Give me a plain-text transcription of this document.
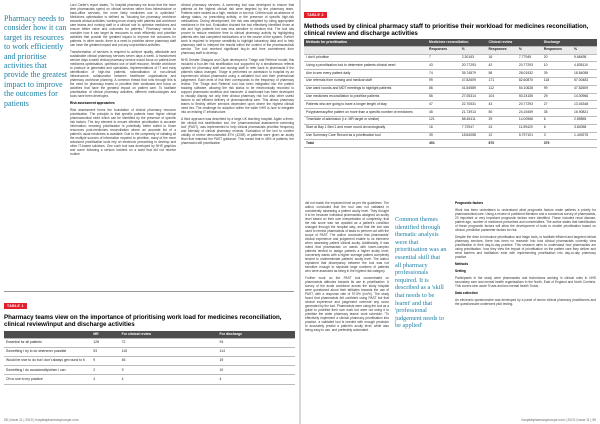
Pharmacy needs to consider how it can target its resources to work efficiently and prioritise activities that provide the greatest impact to improve the outcomes for patients

Lord Carter's report states, "In hospital pharmacy we know that the more time pharmacists spend on clinical services rather than infrastructure or back-office services, the more likely medicines use is optimised." Medicines optimisation is defined as "focusing the pharmacy workforce towards clinical activities; working more closely with patients and workforce care teams and nursing staff in a clinical role to optimise medicines and ensure better value and outcomes for patients." Pharmacy needs to consider how it can target its resources to work efficiently and prioritise activities that provide the greatest impact to improve the outcomes for patients. In other words, there is a need to prioritise where pharmacy staff can have the greatest impact and put any unprioritised activities.

Transformation of services is required to achieve quality, affordable and sustainable clinical pharmacy services seven days a week. A transformed service days a week clinical pharmacy service would focus on patient-level medicines optimisation, optimised use of staff resource, flexible workforce to produce or generated and specialists, implementations of IT and early identification of high-risk patients, rationalisation of non-clinical infrastructure, collaboration between healthcare organisations and pharmacy workforce planning. A common thread that runs through this is the need for pharmacy teams to prioritise their workloads and focus on activities that have the greatest impact on patient care. To facilitate prioritisation of clinical pharmacy activities, different methodologies and tools have been developed.

Risk assessment approaches

Risk assessment forms the foundation of clinical pharmacy resource prioritisation. The principle is that specific patients have higher clinical pharmaceutical need which can be identified by the presence of specific risk factors. The key element to ensure effective prioritisation is accurate information; meaning prioritisation is potentially better suited to those resources post-medicines reconciliation where an accurate list of a patient's usual medicines is available. Due to the complexity of collating all the multiple sources of information required to prioritise, many of the more advanced prioritisation tools rely on electronic prescribing to develop and other IT-based solutions. One such tool was developed by NHS graphics and some following a serious incident on a ward that did not receive routine

clinical pharmacy services. A screening tool was developed to ensure that patients at the highest clinical risk were targeted by the pharmacy team. Patients were ranked as a high, medium or low risk. Criteria such as absence of allergy status, no prescribing activity, or the presence of specific high-risk medications. During development, the risk was weighted by using appropriate medicines in the tool. Evaluation showed the tool effectively identified those at risk and high patients but was less sensitive to medium risk. The tool has proven to reduce medicine time to clinical pharmacy activity by highlighting patients who had completed medications or in the course of the system. Further work is required to improve sensitivity to highlight laboratory data and to help pharmacy staff to interpret the results within the context of the pharmaceutical service. The tool received significant buy-in and time commitment from pharmacy staff to develop.

NHS Greater Glasgow and Clyde developed a 'Triage and Referral' model; this included a four-tier risk stratification tool supported by a simultaneous referral system for pharmacy staff and nursing staff to refer back to pharmacist if the patient's status changed. Triage is performed on admission to hospital by an experienced clinical pharmacist using a validated tool and their professional judgement. Each level of risk then corresponds to the frequency of pharmacy review. The 'Triage and Referral' tool has been integrated into the patient tracking software, allowing the risk status to be electronically recorded to support pharmacist workflow and handover. A dashboard has been developed to visually display not only their clinical pharmacy risk but also other useful factors to aid efficient delivery of pharmaceutical care. This allows pharmacy teams to flexibly deliver services dependent upon where the highest clinical need lies. The challenge for adoption within the wider NHS is how to integrate into an existing IT infrastructure.

A third approach was described by a large UK teaching hospital. Again a three-tier clinical risk stratification tool, the 'pharmaceutical assessment screening tool' (PAST), was implemented to help clinical pharmacists prioritise frequency and intensity of clinical pharmacy reviews. Evaluation of the tool to confirm validity of review demonstrated 87% (42/55) of patients were given an acuity level that matched the PAST guidance. This meant that in 48% of patients, the pharmacist still prioritisation

TABLE 1
Pharmacy teams view on the importance of prioritising work load for medicines reconciliation, clinical review/input and discharge activities
	MR	For clinical review	For discharge
Essential for all patients	128	72	93
Something I try to do whenever possible	93	115	114
Would be nice to do but I don't always get round to it	9	46	19
Something I do occasionally/when I can	2	9	10
Of no use to my practice	4	4	4
58 | Issue 11 | 2019 | hospitalpharmacyeurope.com
TABLE 2
Methods used by clinical pharmacy staff to prioritise their workload for medicines reconciliation, clinical review and discharge activities
Methods for prioritisation	Medicines reconciliation		Clinical review		Discharge	
	Responses	%	Responses	%	Responses	%
I don't prioritise	7	2.30163	16	7.77949	20	9.66498
Using a prioritisation tool to determine patients clinical need	43	20.77293	42	20.77293	10	4.835110
Aim to see every patient daily	74	35.74879	58	28.01932	39	18.84058
Use referrals from nursing and medical staff	99	47.82609	171	82.60870	118	57.00483
Use ward rounds and MDT meetings to highlight patients	86	41.54589	112	54.10628	99	47.82609
Use medicines reconciliation to prioritise patients	56	27.05314	104	50.24155	29	14.00966
Patients who are going to have a longer length of stay	47	22.70531	43	20.77293	27	13.04348
Polypharmacy/the patient on more than a specific number of medicines	45	21.73913	50	24.15459	35	16.90821
Time/date of admission (i.e. MR target or similar)	121	58.45411	29	14.00966	6	2.89855
Start at Bay 1 Bed 1 and move round chronologically	16	7.72947	24	11.59420	6	3.84058
Use Summary Care Record as a prioritisation tool	39	18.84058	12	5.797101	3	1.449275
Total	491		670		379	

did not match the expected level as per the guidelines. The author concluded that the tool was not validated in consistently assessing a patient acuity level. They thought it to be because individual pharmacists assigned an acuity level based on their own interpretation of complexity; that the risk score was not updated as a patient's condition changed through the hospital stay; and that the tool was used to remind pharmacists of tasks to perform out with the scope of PAST. The author concluded that pharmacists' clinical experience and judgement enable to us intervene when assessing patient clinical acuity. Additionally, it was noted that pharmacists on wards with lower-complex patients tended to assign patients a higher acuity level; conversely wards with a higher average patient complexity tended to underestimate patients' acuity level. The author explained that discrepancy between the tool was not sensitive enough to separate large numbers of patients who were assessed as being in the highest risk category.

Further work on the PAST tool concentrated on pharmacists attitudes towards its use in prioritisation. A survey of the acute workforce across the study hospital were questioned about their attitudes towards the use of PAST, with a response rate of 97.5% (n/n%). The study found that pharmacists felt confident using PAST but that clinical experience and judgement overrode any score generated by the tool. Pharmacists were using the tool as a guide to prioritise their own work but were not using it to prioritise the wider pharmacy teams' work schedule. "To effectively implement a clinical pharmacy prioritisation into practice, a validated tool is needed with enough precision to accurately predict a patient's acuity level, while also being easy to use, and preferably automated.

Common themes identified through thematic analysis were that prioritisation was an essential skill that all pharmacy professionals required. It is described as a 'skill that needs to be learnt' and that 'professional judgement needs to be applied'

Prognostic factors

Work has been undertaken to understand what prognostic factors make patients a priority for pharmaceutical care. Using a review of published literature and a consensus survey of pharmacists, 23 important or very important prognostic factors were identified. These included renal disease, patient age, number of medicines prescribed and comorbidities. The author states that identification of these prognostic factors will allow the development of tools to enable prioritisation based on clinical, prediction parameter factors for risk.

Despite the drive to introduce prioritisation and triage tools, to facilitate efficient and targeted clinical pharmacy services, there has been no research into how clinical pharmacists currently view prioritisation in their day-to-day practice. This research aims to understand how pharmacists are using prioritisation, how they view the impact of prioritisation on the patient care they deliver and what barriers and facilitators exist with implementing prioritisation into day-to-day pharmacy practice.

Methods

Setting

Participants in the study were pharmacists and technicians working in clinical roles in NHS secondary care and mental health organisations in the North, East of England and North Cumbria. This covers nine acute Trusts and two mental health Trusts.

Data collection

An electronic questionnaire was developed by a panel of senior clinical pharmacy practitioners and the questionnaire underwent pilot testing.

hospitalpharmacyeurope.com | 2019 | Issue 11 | 59
